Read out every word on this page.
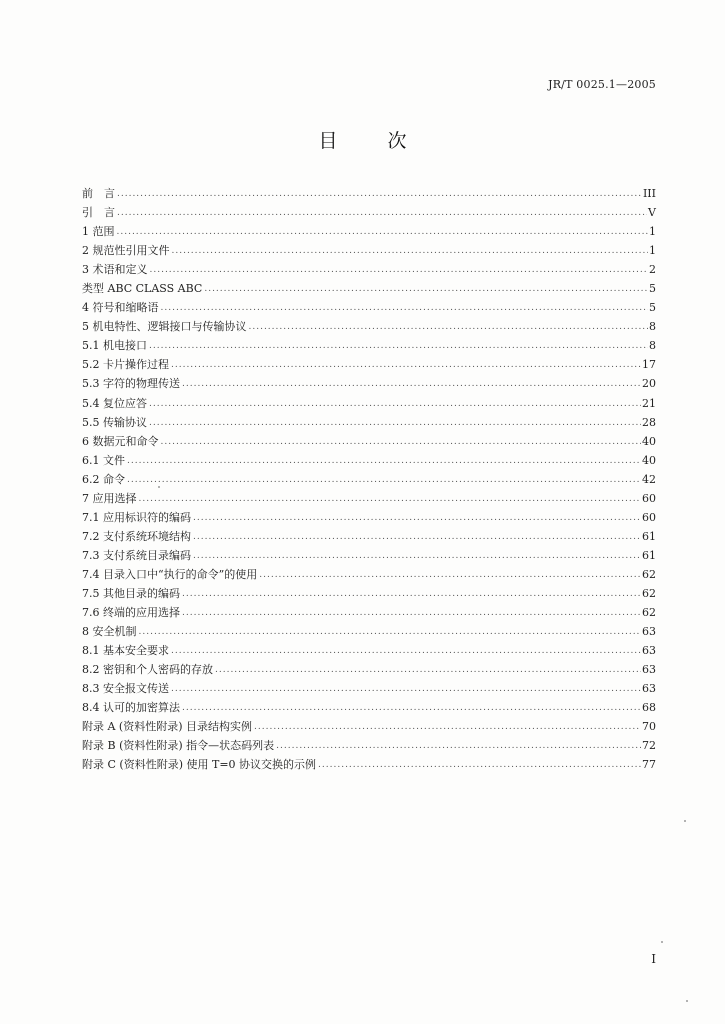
JR/T 0025.1—2005
目 次
前　言 .....	III
引　言 .....	V
1 范围 .....	1
2 规范性引用文件 .....	1
3 术语和定义 .....	2
类型 ABC CLASS ABC .....	5
4 符号和缩略语 .....	5
5 机电特性、逻辑接口与传输协议 .....	8
5.1 机电接口 .....	8
5.2 卡片操作过程 .....	17
5.3 字符的物理传送 .....	20
5.4 复位应答 .....	21
5.5 传输协议 .....	28
6 数据元和命令 .....	40
6.1 文件 .....	40
6.2 命令 .....	42
7 应用选择 .....	60
7.1 应用标识符的编码 .....	60
7.2 支付系统环境结构 .....	61
7.3 支付系统目录编码 .....	61
7.4 目录入口中“执行的命令”的使用 .....	62
7.5 其他目录的编码 .....	62
7.6 终端的应用选择 .....	62
8 安全机制 .....	63
8.1 基本安全要求 .....	63
8.2 密钥和个人密码的存放 .....	63
8.3 安全报文传送 .....	63
8.4 认可的加密算法 .....	68
附录 A (资料性附录) 目录结构实例 .....	70
附录 B (资料性附录) 指令—状态码列表 .....	72
附录 C (资料性附录) 使用 T=0 协议交换的示例 .....	77
I
